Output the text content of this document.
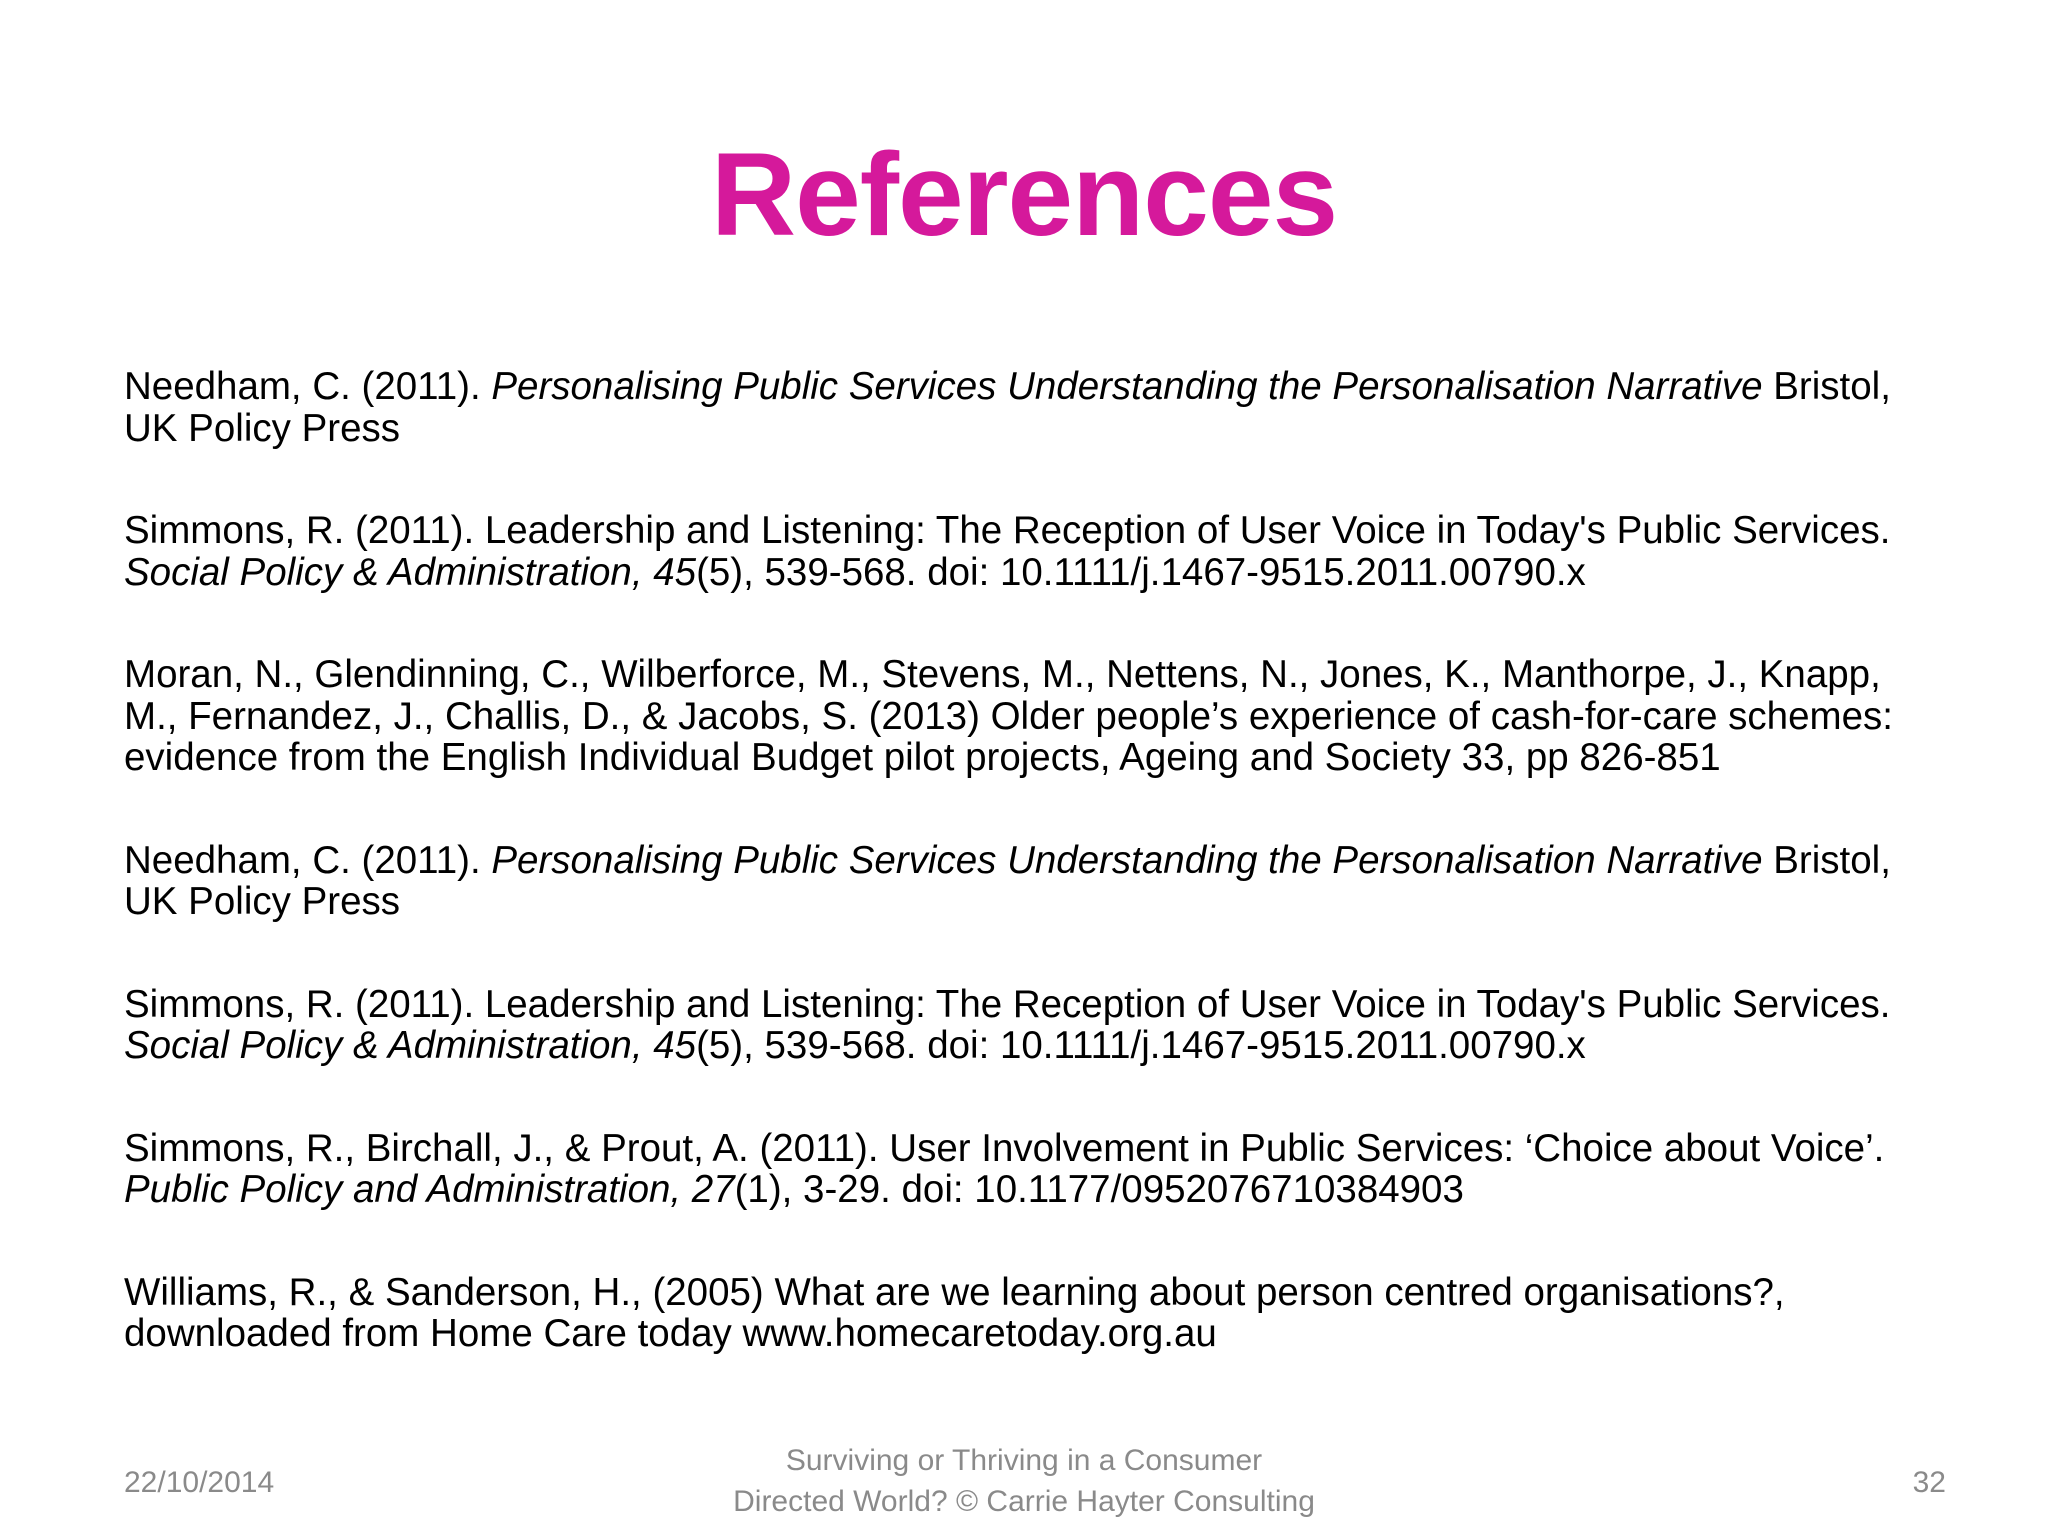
References
Needham, C. (2011). Personalising Public Services Understanding the Personalisation Narrative Bristol,
UK Policy Press
Simmons, R. (2011). Leadership and Listening: The Reception of User Voice in Today's Public Services.
Social Policy & Administration, 45(5), 539-568. doi: 10.1111/j.1467-9515.2011.00790.x
Moran, N., Glendinning, C., Wilberforce, M., Stevens, M., Nettens, N., Jones, K., Manthorpe, J., Knapp,
M., Fernandez, J., Challis, D., & Jacobs, S. (2013) Older people’s experience of cash-for-care schemes:
evidence from the English Individual Budget pilot projects, Ageing and Society 33, pp 826-851
Needham, C. (2011). Personalising Public Services Understanding the Personalisation Narrative Bristol,
UK Policy Press
Simmons, R. (2011). Leadership and Listening: The Reception of User Voice in Today's Public Services.
Social Policy & Administration, 45(5), 539-568. doi: 10.1111/j.1467-9515.2011.00790.x
Simmons, R., Birchall, J., & Prout, A. (2011). User Involvement in Public Services: ‘Choice about Voice’.
Public Policy and Administration, 27(1), 3-29. doi: 10.1177/0952076710384903
Williams, R., & Sanderson, H., (2005) What are we learning about person centred organisations?,
downloaded from Home Care today www.homecaretoday.org.au
22/10/2014
Surviving or Thriving in a Consumer
Directed World? © Carrie Hayter Consulting
32
